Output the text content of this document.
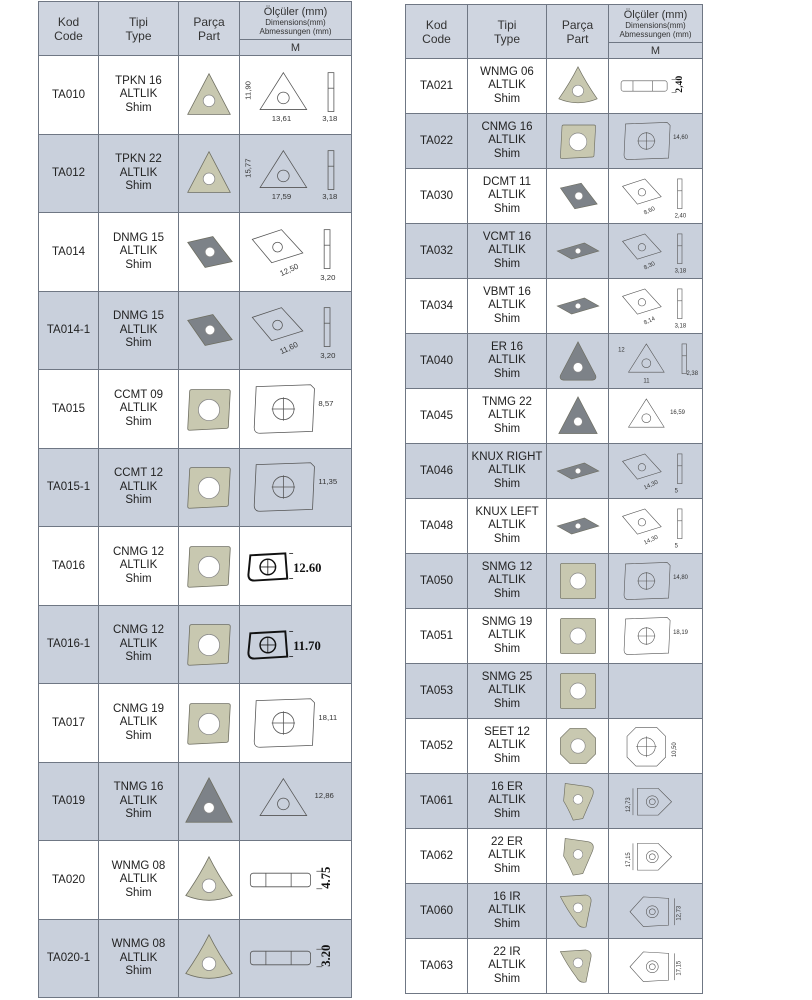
Kod
Code	Tipi
Type	Parça
Part	Ölçüler (mm)
Dimensions(mm)
Abmessungen (mm)

			M
TA010	TPKN 16
ALTLIK
Shim		11,90
13,61 3,18

TA012	TPKN 22
ALTLIK
Shim		15,77
17,59 3,18

TA014	DNMG 15
ALTLIK
Shim		12,50 3,20

TA014-1	DNMG 15
ALTLIK
Shim		11,60 3,20

TA015	CCMT 09
ALTLIK
Shim		8,57

TA015-1	CCMT 12
ALTLIK
Shim		11,35

TA016	CNMG 12
ALTLIK
Shim		12.60

TA016-1	CNMG 12
ALTLIK
Shim		11.70

TA017	CNMG 19
ALTLIK
Shim		18,11

TA019	TNMG 16
ALTLIK
Shim		12,86

TA020	WNMG 08
ALTLIK
Shim		4.75

TA020-1	WNMG 08
ALTLIK
Shim		3.20
Kod
Code	Tipi
Type	Parça
Part	Ölçüler (mm)
Dimensions(mm)
Abmessungen (mm)

			M
TA021	WNMG 06
ALTLIK
Shim		2,40

TA022	CNMG 16
ALTLIK
Shim		14,60

TA030	DCMT 11
ALTLIK
Shim		8,60
2,40

TA032	VCMT 16
ALTLIK
Shim		8,30
3,18

TA034	VBMT 16
ALTLIK
Shim		8,14
3,18

TA040	ER 16
ALTLIK
Shim		12
11
2,38

TA045	TNMG 22
ALTLIK
Shim		16,59

TA046	KNUX RIGHT
ALTLIK
Shim		14,30
5

TA048	KNUX LEFT
ALTLIK
Shim		14,30
5

TA050	SNMG 12
ALTLIK
Shim		14,80

TA051	SNMG 19
ALTLIK
Shim		18,19

TA053	SNMG 25
ALTLIK
Shim	

TA052	SEET 12
ALTLIK
Shim		10,50

TA061	16 ER
ALTLIK
Shim		12,73

TA062	22 ER
ALTLIK
Shim		17,15

TA060	16 IR
ALTLIK
Shim		12,73

TA063	22 IR
ALTLIK
Shim		17,15
